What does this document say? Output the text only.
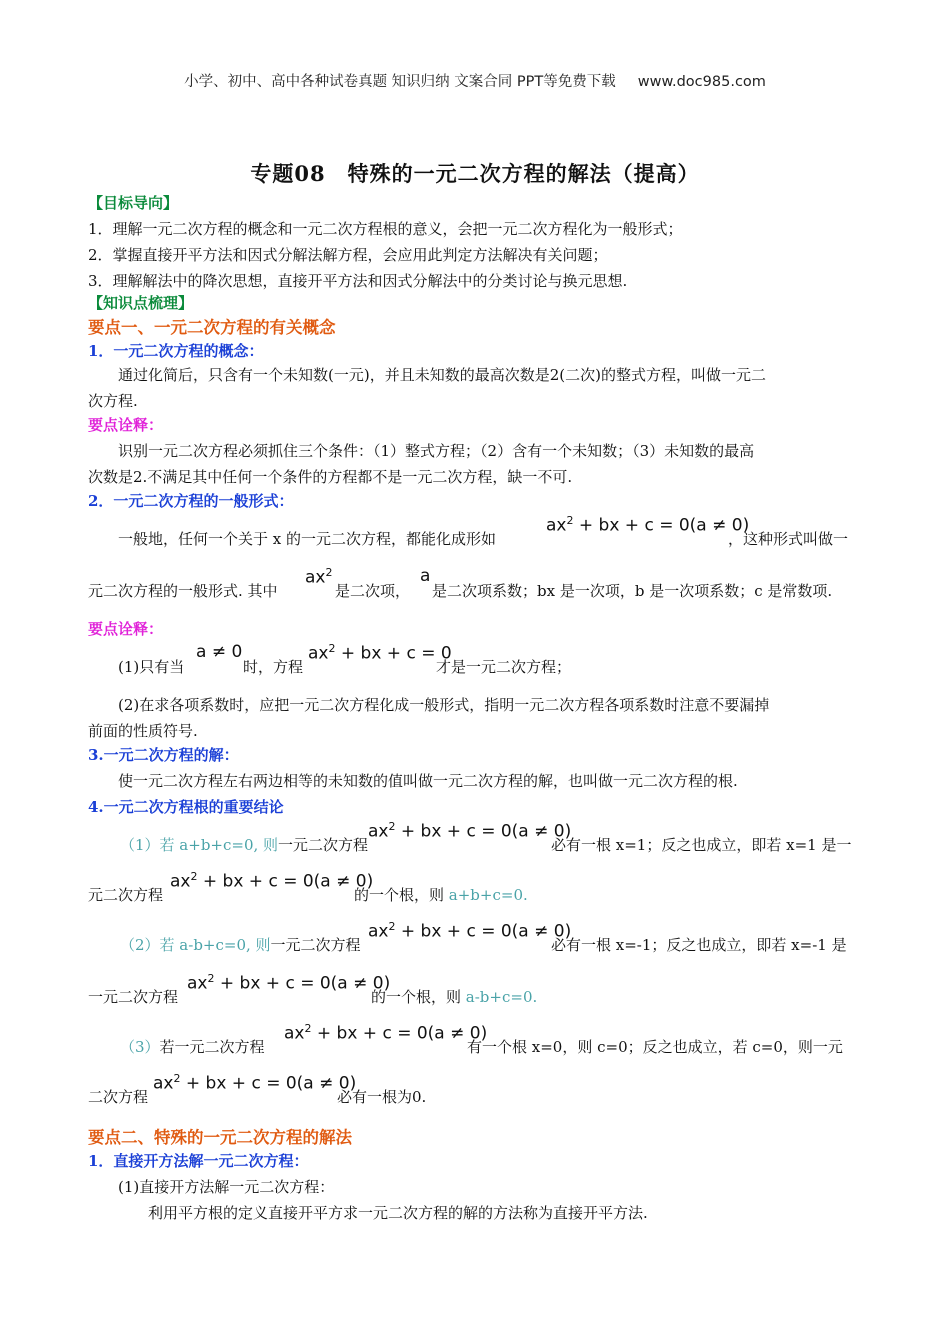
小学、初中、高中各种试卷真题 知识归纳 文案合同 PPT等免费下载 www.doc985.com
专题08　特殊的一元二次方程的解法（提高）
【目标导向】
1．理解一元二次方程的概念和一元二次方程根的意义，会把一元二次方程化为一般形式；
2．掌握直接开平方法和因式分解法解方程，会应用此判定方法解决有关问题；
3．理解解法中的降次思想，直接开平方法和因式分解法中的分类讨论与换元思想.
【知识点梳理】
要点一、一元二次方程的有关概念
1．一元二次方程的概念：
通过化简后，只含有一个未知数(一元)，并且未知数的最高次数是2(二次)的整式方程，叫做一元二
次方程.
要点诠释：
识别一元二次方程必须抓住三个条件：（1）整式方程；（2）含有一个未知数；（3）未知数的最高
次数是2.不满足其中任何一个条件的方程都不是一元二次方程，缺一不可.
2．一元二次方程的一般形式：
一般地，任何一个关于 x 的一元二次方程，都能化成形如
$ax^2$ + bx + c = 0(a ≠ 0)
，这种形式叫做一
元二次方程的一般形式. 其中
$ax^2$
是二次项，
a
是二次项系数；bx 是一次项，b 是一次项系数；c 是常数项.
要点诠释：
(1)只有当
a ≠ 0
时，方程
$ax^2$ + bx + c = 0
才是一元二次方程；
(2)在求各项系数时，应把一元二次方程化成一般形式，指明一元二次方程各项系数时注意不要漏掉
前面的性质符号.
3.一元二次方程的解：
使一元二次方程左右两边相等的未知数的值叫做一元二次方程的解，也叫做一元二次方程的根.
4.一元二次方程根的重要结论
（1）若 a+b+c=0, 则一元二次方程
$ax^2$ + bx + c = 0(a ≠ 0)
必有一根 x=1；反之也成立，即若 x=1 是一
元二次方程
$ax^2$ + bx + c = 0(a ≠ 0)
的一个根，则 a+b+c=0.
（2）若 a-b+c=0, 则一元二次方程
$ax^2$ + bx + c = 0(a ≠ 0)
必有一根 x=-1；反之也成立，即若 x=-1 是
一元二次方程
$ax^2$ + bx + c = 0(a ≠ 0)
的一个根，则 a-b+c=0.
（3）若一元二次方程
$ax^2$ + bx + c = 0(a ≠ 0)
有一个根 x=0，则 c=0；反之也成立，若 c=0，则一元
二次方程
$ax^2$ + bx + c = 0(a ≠ 0)
必有一根为0.
要点二、特殊的一元二次方程的解法
1．直接开方法解一元二次方程：
(1)直接开方法解一元二次方程：
利用平方根的定义直接开平方求一元二次方程的解的方法称为直接开平方法.
